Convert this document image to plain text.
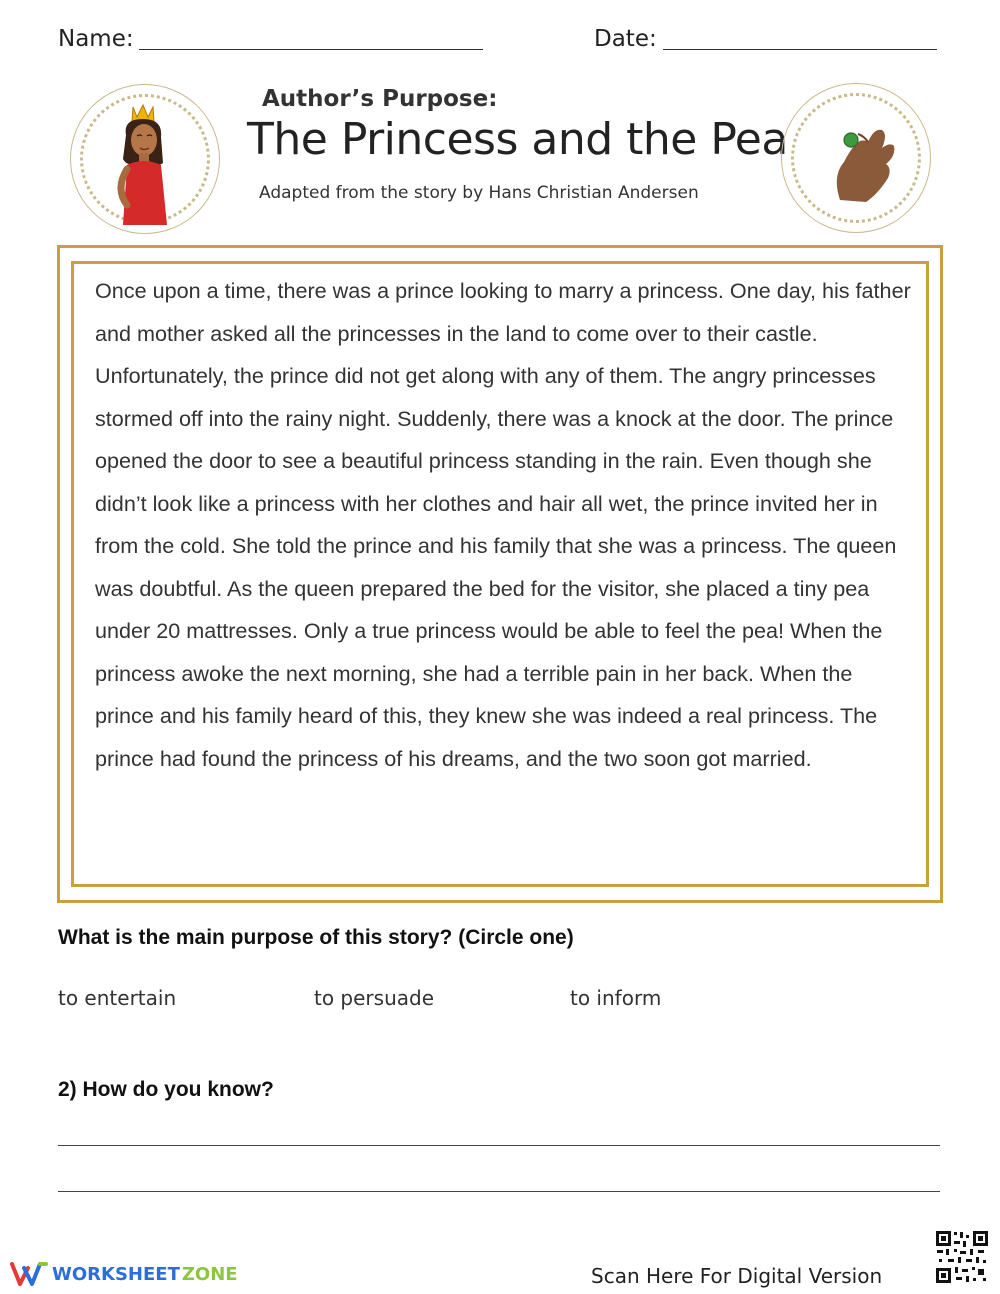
Name:	Date:
Author’s Purpose:
The Princess and the Pea
Adapted from the story by Hans Christian Andersen

Once upon a time, there was a prince looking to marry a princess. One day, his father and mother asked all the princesses in the land to come over to their castle. Unfortunately, the prince did not get along with any of them. The angry princesses stormed off into the rainy night. Suddenly, there was a knock at the door. The prince opened the door to see a beautiful princess standing in the rain. Even though she didn’t look like a princess with her clothes and hair all wet, the prince invited her in from the cold. She told the prince and his family that she was a princess. The queen was doubtful. As the queen prepared the bed for the visitor, she placed a tiny pea under 20 mattresses. Only a true princess would be able to feel the pea! When the princess awoke the next morning, she had a terrible pain in her back. When the prince and his family heard of this, they knew she was indeed a real princess. The prince had found the princess of his dreams, and the two soon got married.

What is the main purpose of this story? (Circle one)
to entertain	to persuade	to inform
2) How do you know?
WORKSHEET ZONE	Scan Here For Digital Version
